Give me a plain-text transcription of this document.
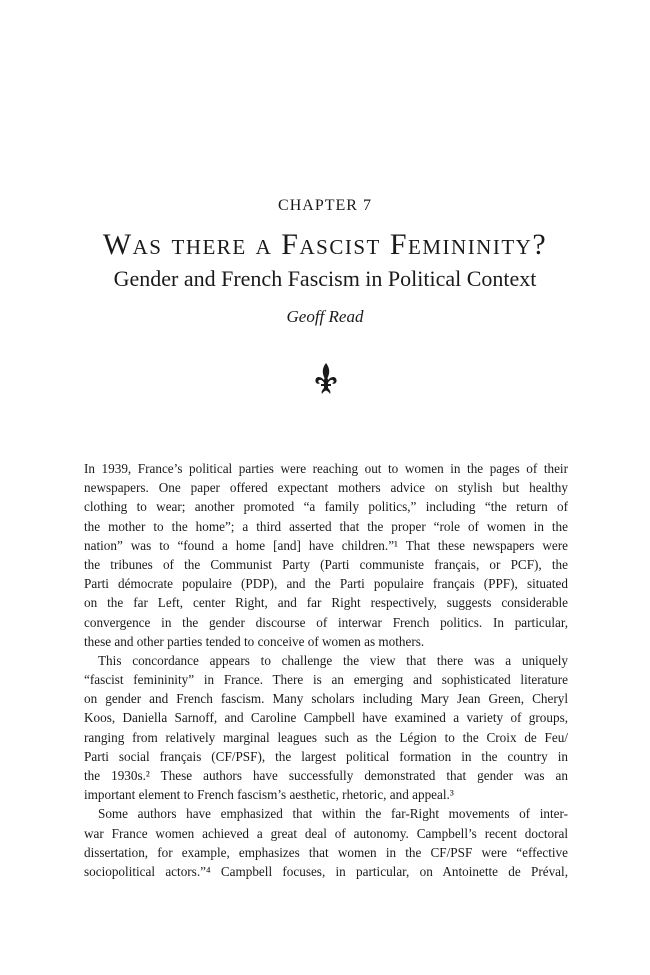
CHAPTER 7
Was there a Fascist Femininity?
Gender and French Fascism in Political Context
Geoff Read
In 1939, France’s political parties were reaching out to women in the pages of their
newspapers. One paper offered expectant mothers advice on stylish but healthy
clothing to wear; another promoted “a family politics,” including “the return of
the mother to the home”; a third asserted that the proper “role of women in the
nation” was to “found a home [and] have children.”¹ That these newspapers were
the tribunes of the Communist Party (Parti communiste français, or PCF), the
Parti démocrate populaire (PDP), and the Parti populaire français (PPF), situated
on the far Left, center Right, and far Right respectively, suggests considerable
convergence in the gender discourse of interwar French politics. In particular,
these and other parties tended to conceive of women as mothers.
This concordance appears to challenge the view that there was a uniquely
“fascist femininity” in France. There is an emerging and sophisticated literature
on gender and French fascism. Many scholars including Mary Jean Green, Cheryl
Koos, Daniella Sarnoff, and Caroline Campbell have examined a variety of groups,
ranging from relatively marginal leagues such as the Légion to the Croix de Feu/
Parti social français (CF/PSF), the largest political formation in the country in
the 1930s.² These authors have successfully demonstrated that gender was an
important element to French fascism’s aesthetic, rhetoric, and appeal.³
Some authors have emphasized that within the far-Right movements of inter-
war France women achieved a great deal of autonomy. Campbell’s recent doctoral
dissertation, for example, emphasizes that women in the CF/PSF were “effective
sociopolitical actors.”⁴ Campbell focuses, in particular, on Antoinette de Préval,
